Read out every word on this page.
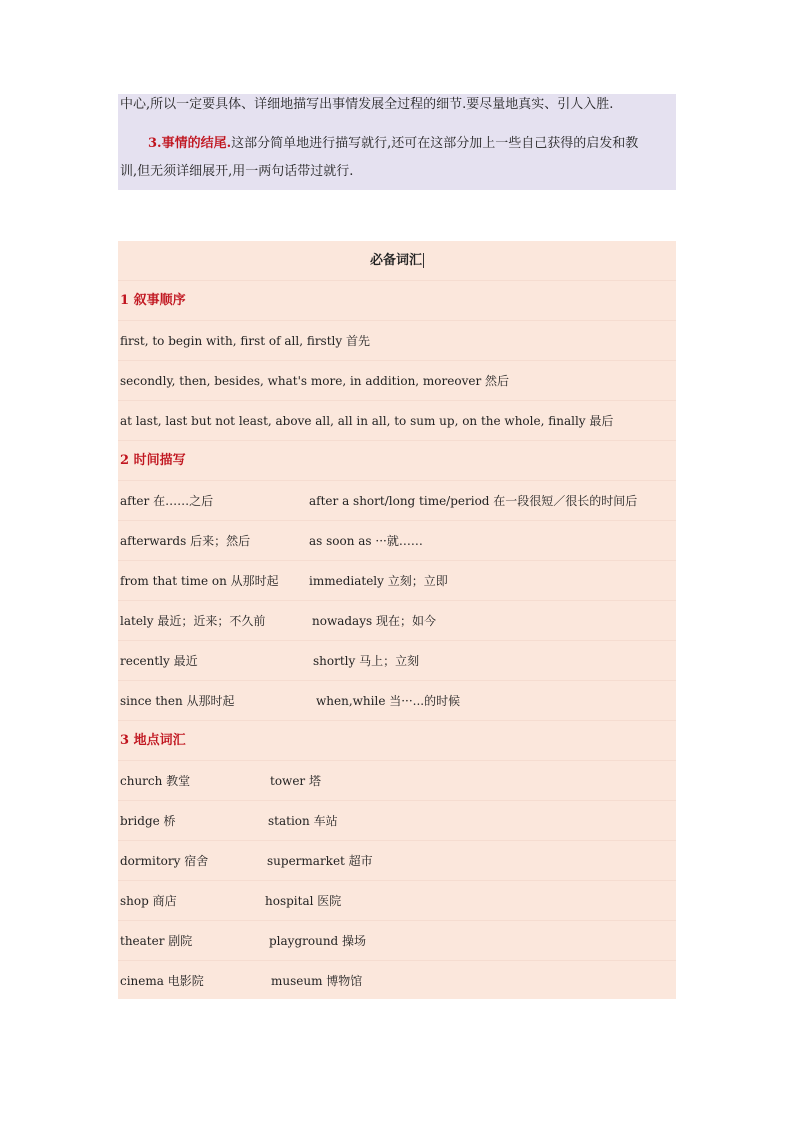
中心,所以一定要具体、详细地描写出事情发展全过程的细节.要尽量地真实、引人入胜.
3.事情的结尾.这部分简单地进行描写就行,还可在这部分加上一些自己获得的启发和教
训,但无须详细展开,用一两句话带过就行.
必备词汇
1 叙事顺序
first, to begin with, first of all, firstly 首先
secondly, then, besides, what's more, in addition, moreover 然后
at last, last but not least, above all, all in all, to sum up, on the whole, finally 最后
2 时间描写
after 在……之后	after a short/long time/period 在一段很短／很长的时间后
afterwards 后来；然后	as soon as ···就……
from that time on 从那时起	immediately 立刻；立即
lately 最近；近来；不久前	nowadays 现在；如今
recently 最近	shortly 马上；立刻
since then 从那时起	when,while 当···...的时候
3 地点词汇
church 教堂	tower 塔
bridge 桥	station 车站
dormitory 宿舍	supermarket 超市
shop 商店	hospital 医院
theater 剧院	playground 操场
cinema 电影院	museum 博物馆
